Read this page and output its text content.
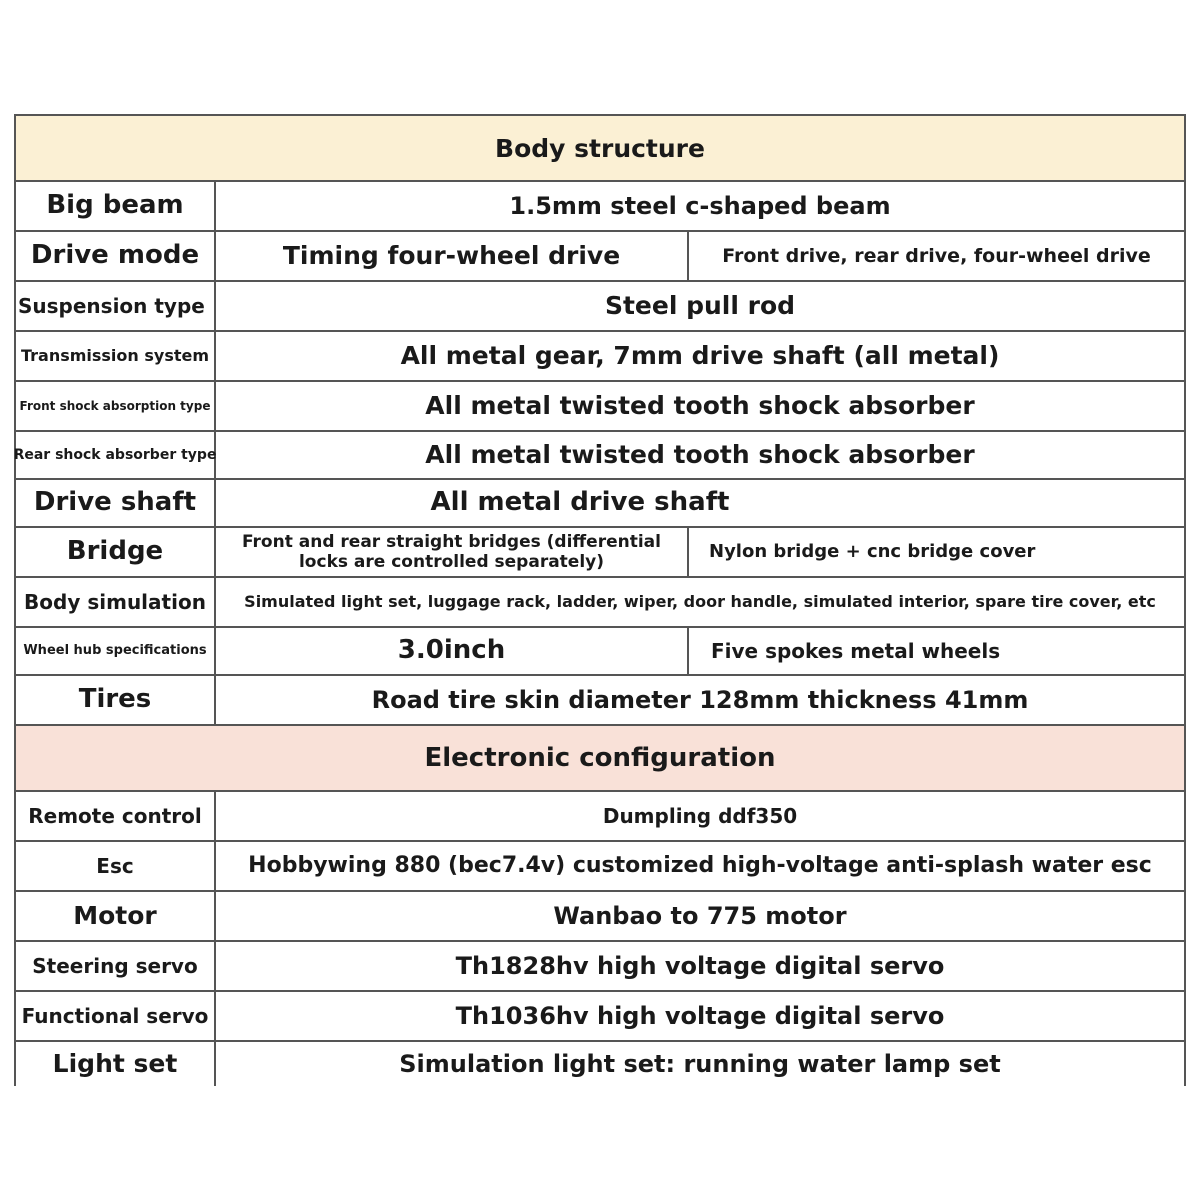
Body structure
Big beam	1.5mm steel c-shaped beam
Drive mode	Timing four-wheel drive	Front drive, rear drive, four-wheel drive
Suspension type	Steel pull rod
Transmission system	All metal gear, 7mm drive shaft (all metal)
Front shock absorption type	All metal twisted tooth shock absorber
Rear shock absorber type	All metal twisted tooth shock absorber
Drive shaft	All metal drive shaft
Bridge	Front and rear straight bridges (differential locks are controlled separately)	Nylon bridge + cnc bridge cover
Body simulation	Simulated light set, luggage rack, ladder, wiper, door handle, simulated interior, spare tire cover, etc
Wheel hub specifications	3.0inch	Five spokes metal wheels
Tires	Road tire skin diameter 128mm thickness 41mm
Electronic configuration
Remote control	Dumpling ddf350
Esc	Hobbywing 880 (bec7.4v) customized high-voltage anti-splash water esc
Motor	Wanbao to 775 motor
Steering servo	Th1828hv high voltage digital servo
Functional servo	Th1036hv high voltage digital servo
Light set	Simulation light set: running water lamp set
